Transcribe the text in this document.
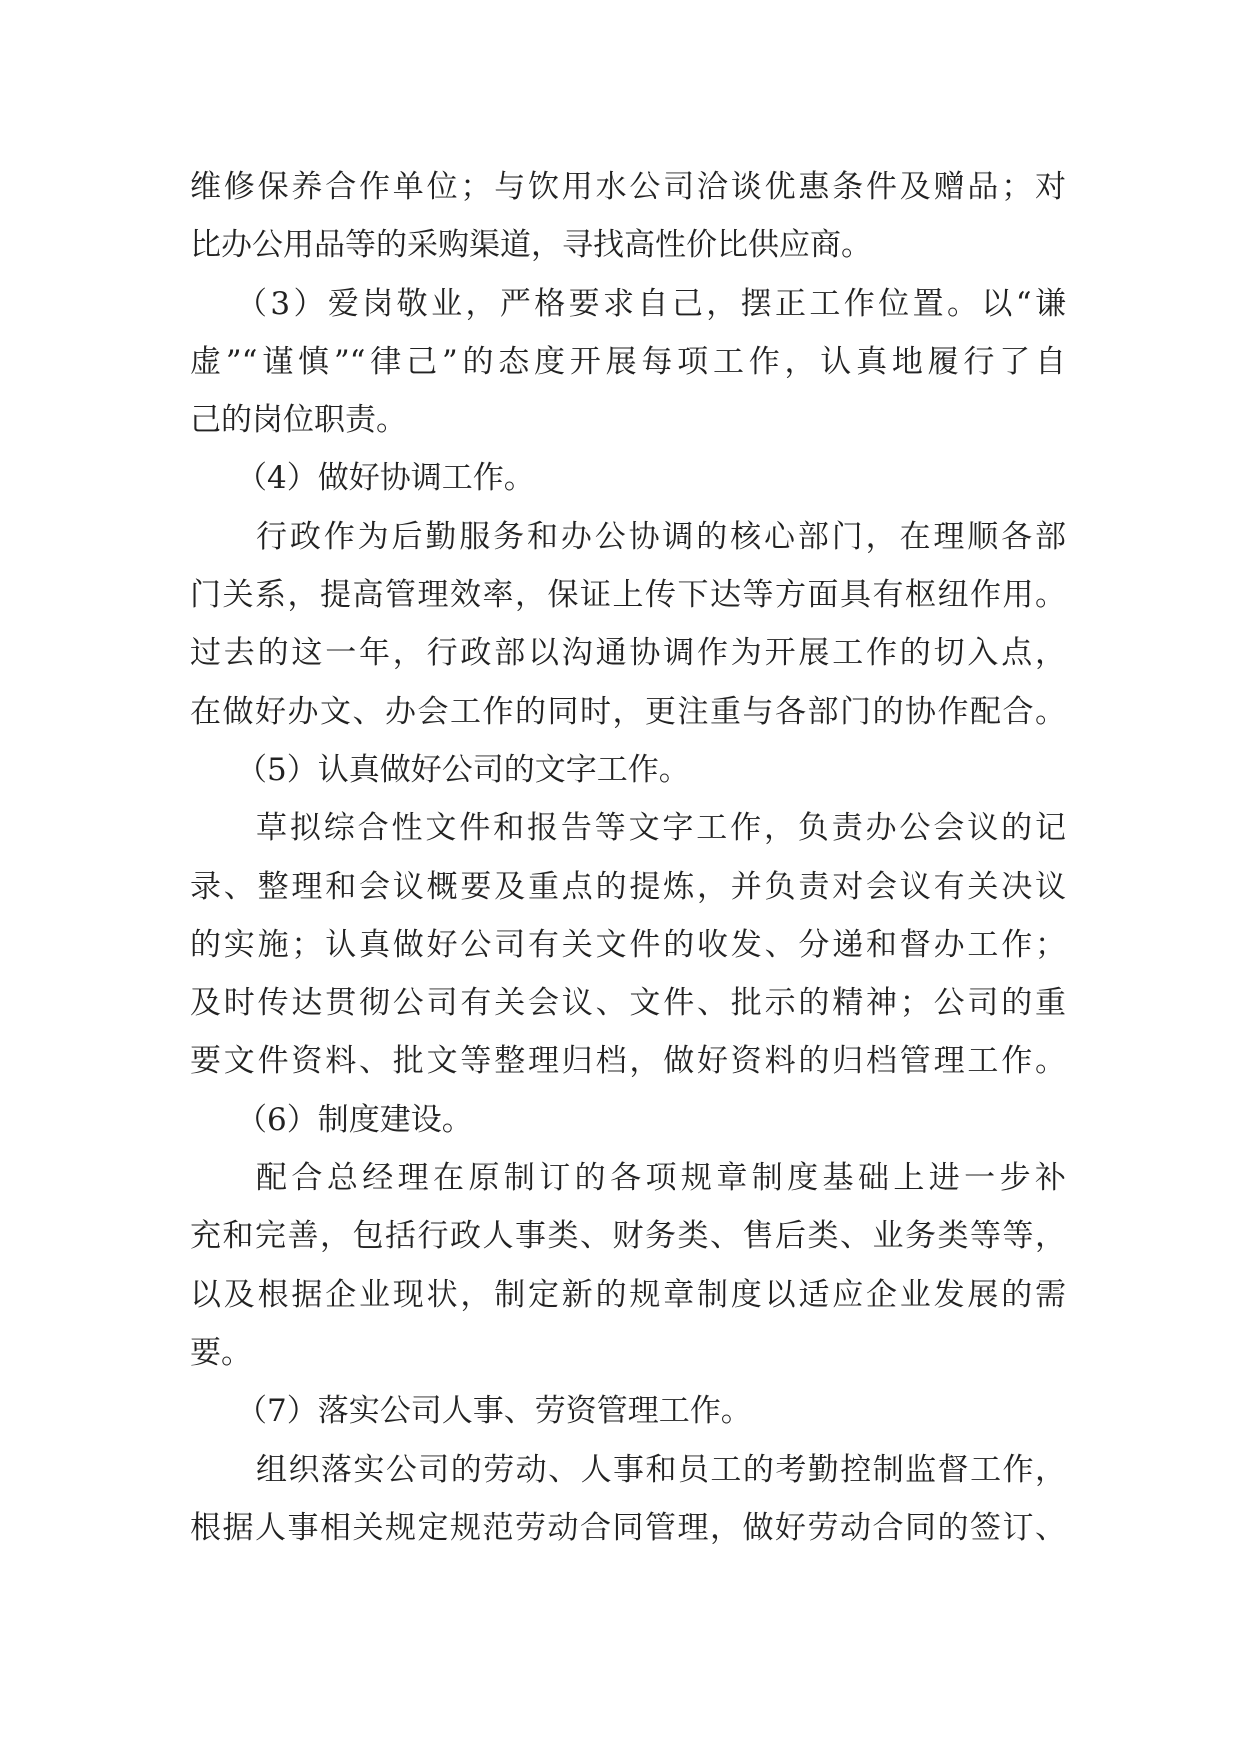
维修保养合作单位；与饮用水公司洽谈优惠条件及赠品；对
比办公用品等的采购渠道，寻找高性价比供应商。
（3）爱岗敬业，严格要求自己，摆正工作位置。以“谦
虚”“谨慎”“律己”的态度开展每项工作，认真地履行了自
己的岗位职责。
（4）做好协调工作。
行政作为后勤服务和办公协调的核心部门，在理顺各部
门关系，提高管理效率，保证上传下达等方面具有枢纽作用。
过去的这一年，行政部以沟通协调作为开展工作的切入点，
在做好办文、办会工作的同时，更注重与各部门的协作配合。
（5）认真做好公司的文字工作。
草拟综合性文件和报告等文字工作，负责办公会议的记
录、整理和会议概要及重点的提炼，并负责对会议有关决议
的实施；认真做好公司有关文件的收发、分递和督办工作；
及时传达贯彻公司有关会议、文件、批示的精神；公司的重
要文件资料、批文等整理归档，做好资料的归档管理工作。
（6）制度建设。
配合总经理在原制订的各项规章制度基础上进一步补
充和完善，包括行政人事类、财务类、售后类、业务类等等，
以及根据企业现状，制定新的规章制度以适应企业发展的需
要。
（7）落实公司人事、劳资管理工作。
组织落实公司的劳动、人事和员工的考勤控制监督工作，
根据人事相关规定规范劳动合同管理，做好劳动合同的签订、
